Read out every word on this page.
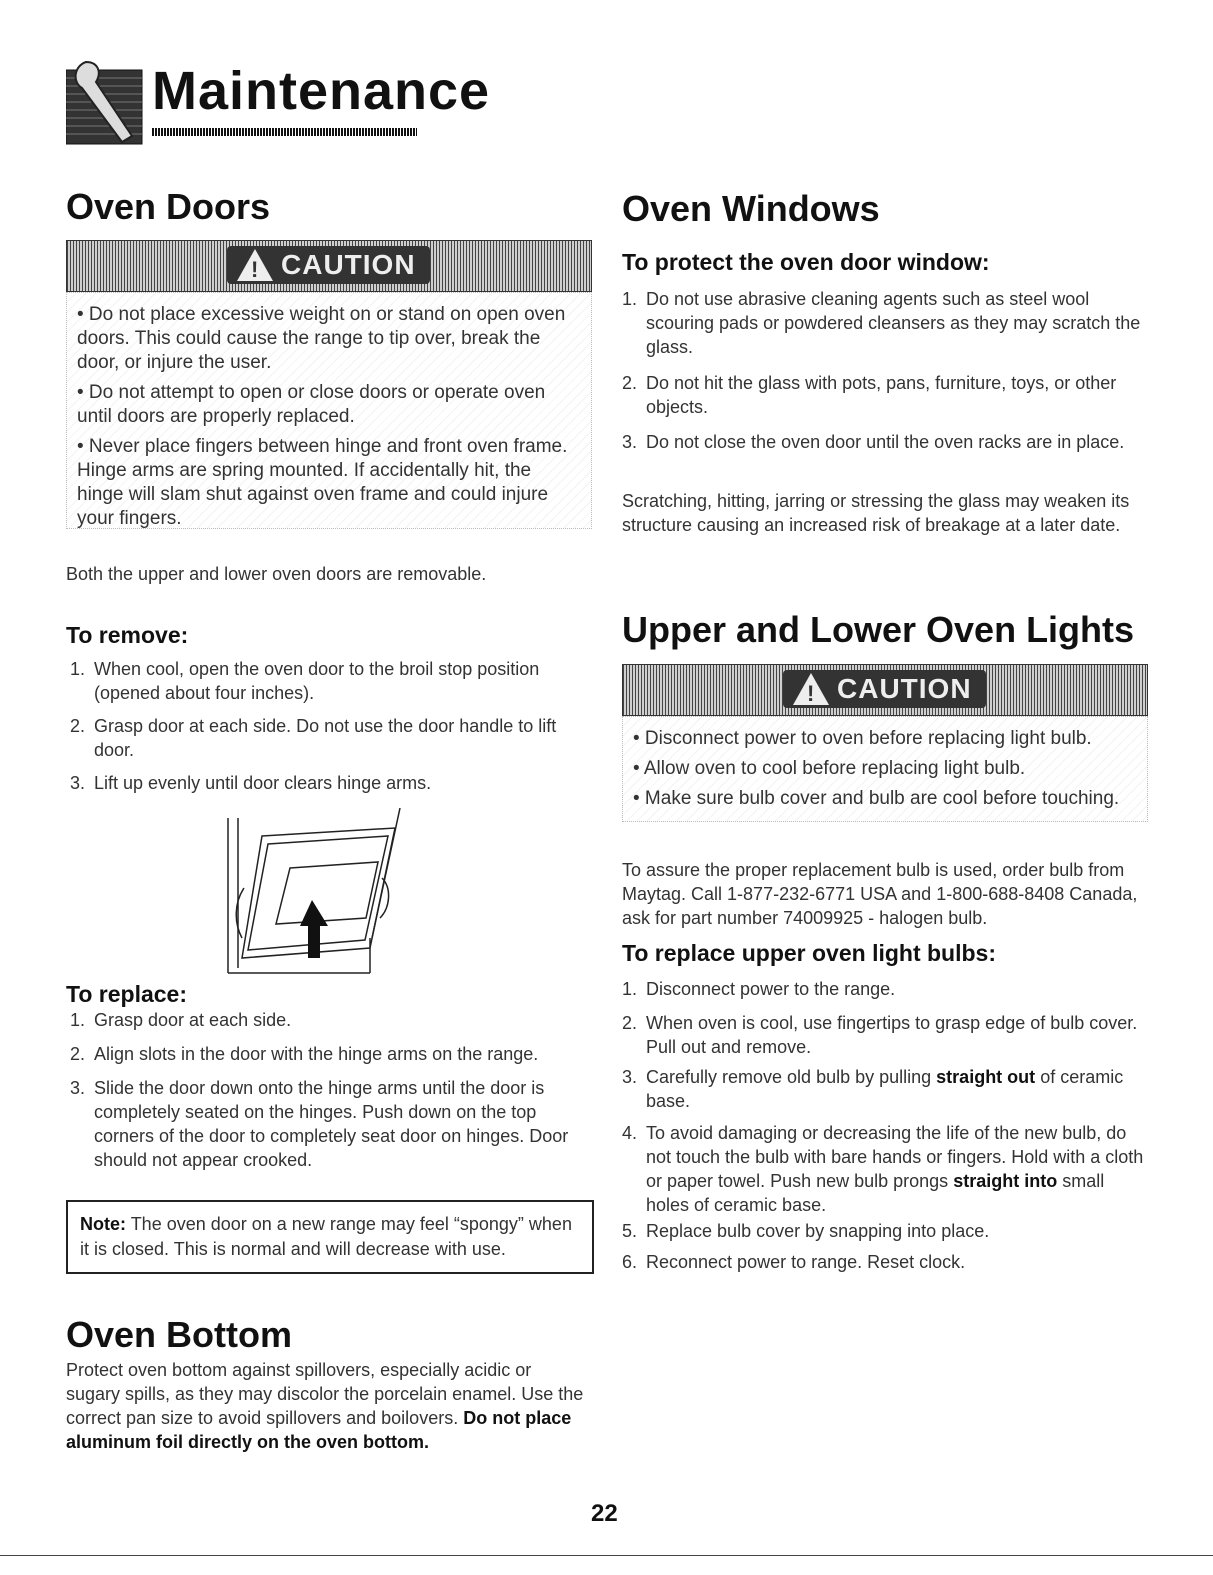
Maintenance
Oven Doors
! CAUTION
• Do not place excessive weight on or stand on open oven doors. This could cause the range to tip over, break the door, or injure the user.
• Do not attempt to open or close doors or operate oven until doors are properly replaced.
• Never place fingers between hinge and front oven frame. Hinge arms are spring mounted. If accidentally hit, the hinge will slam shut against oven frame and could injure your fingers.
Both the upper and lower oven doors are removable.
To remove:
1. When cool, open the oven door to the broil stop position (opened about four inches).
2. Grasp door at each side. Do not use the door handle to lift door.
3. Lift up evenly until door clears hinge arms.
To replace:
1. Grasp door at each side.
2. Align slots in the door with the hinge arms on the range.
3. Slide the door down onto the hinge arms until the door is completely seated on the hinges. Push down on the top corners of the door to completely seat door on hinges. Door should not appear crooked.
Note: The oven door on a new range may feel “spongy” when it is closed. This is normal and will decrease with use.
Oven Bottom
Protect oven bottom against spillovers, especially acidic or sugary spills, as they may discolor the porcelain enamel. Use the correct pan size to avoid spillovers and boilovers. Do not place aluminum foil directly on the oven bottom.
Oven Windows
To protect the oven door window:
1. Do not use abrasive cleaning agents such as steel wool scouring pads or powdered cleansers as they may scratch the glass.
2. Do not hit the glass with pots, pans, furniture, toys, or other objects.
3. Do not close the oven door until the oven racks are in place.
Scratching, hitting, jarring or stressing the glass may weaken its structure causing an increased risk of breakage at a later date.
Upper and Lower Oven Lights
! CAUTION
• Disconnect power to oven before replacing light bulb.
• Allow oven to cool before replacing light bulb.
• Make sure bulb cover and bulb are cool before touching.
To assure the proper replacement bulb is used, order bulb from Maytag. Call 1-877-232-6771 USA and 1-800-688-8408 Canada, ask for part number 74009925 - halogen bulb.
To replace upper oven light bulbs:
1. Disconnect power to the range.
2. When oven is cool, use fingertips to grasp edge of bulb cover. Pull out and remove.
3. Carefully remove old bulb by pulling straight out of ceramic base.
4. To avoid damaging or decreasing the life of the new bulb, do not touch the bulb with bare hands or fingers. Hold with a cloth or paper towel. Push new bulb prongs straight into small holes of ceramic base.
5. Replace bulb cover by snapping into place.
6. Reconnect power to range. Reset clock.
22
